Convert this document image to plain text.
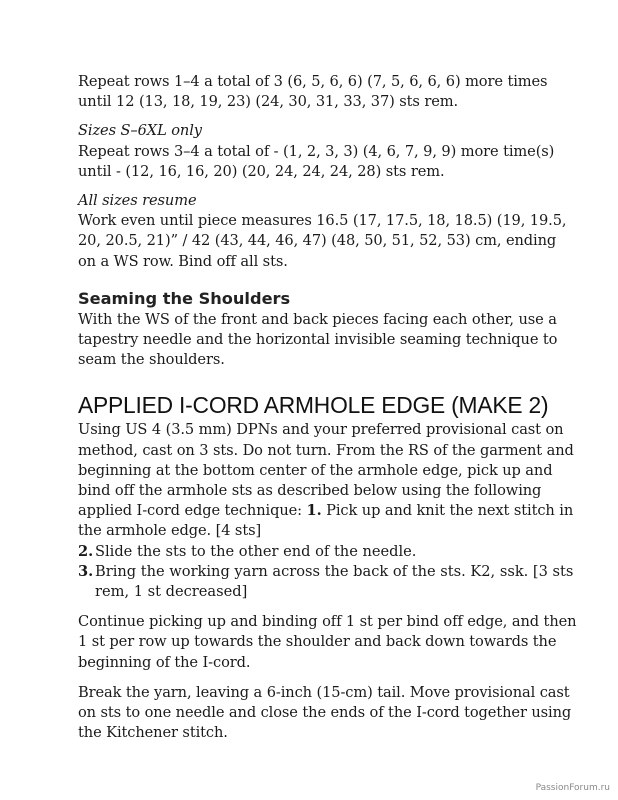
Repeat rows 1–4 a total of 3 (6, 5, 6, 6) (7, 5, 6, 6, 6) more times until 12 (13, 18, 19, 23) (24, 30, 31, 33, 37) sts rem.

Sizes S–6XL only

Repeat rows 3–4 a total of - (1, 2, 3, 3) (4, 6, 7, 9, 9) more time(s) until - (12, 16, 16, 20) (20, 24, 24, 24, 28) sts rem.

All sizes resume

Work even until piece measures 16.5 (17, 17.5, 18, 18.5) (19, 19.5, 20, 20.5, 21)” / 42 (43, 44, 46, 47) (48, 50, 51, 52, 53) cm, ending on a WS row. Bind off all sts.

Seaming the Shoulders

With the WS of the front and back pieces facing each other, use a tapestry needle and the horizontal invisible seaming technique to seam the shoulders.

APPLIED I-CORD ARMHOLE EDGE (MAKE 2)

Using US 4 (3.5 mm) DPNs and your preferred provisional cast on method, cast on 3 sts. Do not turn. From the RS of the garment and beginning at the bottom center of the armhole edge, pick up and bind off the armhole sts as described below using the following applied I-cord edge technique: 1. Pick up and knit the next stitch in the armhole edge. [4 sts]

2. Slide the sts to the other end of the needle.
3. Bring the working yarn across the back of the sts. K2, ssk. [3 sts rem, 1 st decreased]

Continue picking up and binding off 1 st per bind off edge, and then 1 st per row up towards the shoulder and back down towards the beginning of the I-cord.

Break the yarn, leaving a 6-inch (15-cm) tail. Move provisional cast on sts to one needle and close the ends of the I-cord together using the Kitchener stitch.

PassionForum.ru
